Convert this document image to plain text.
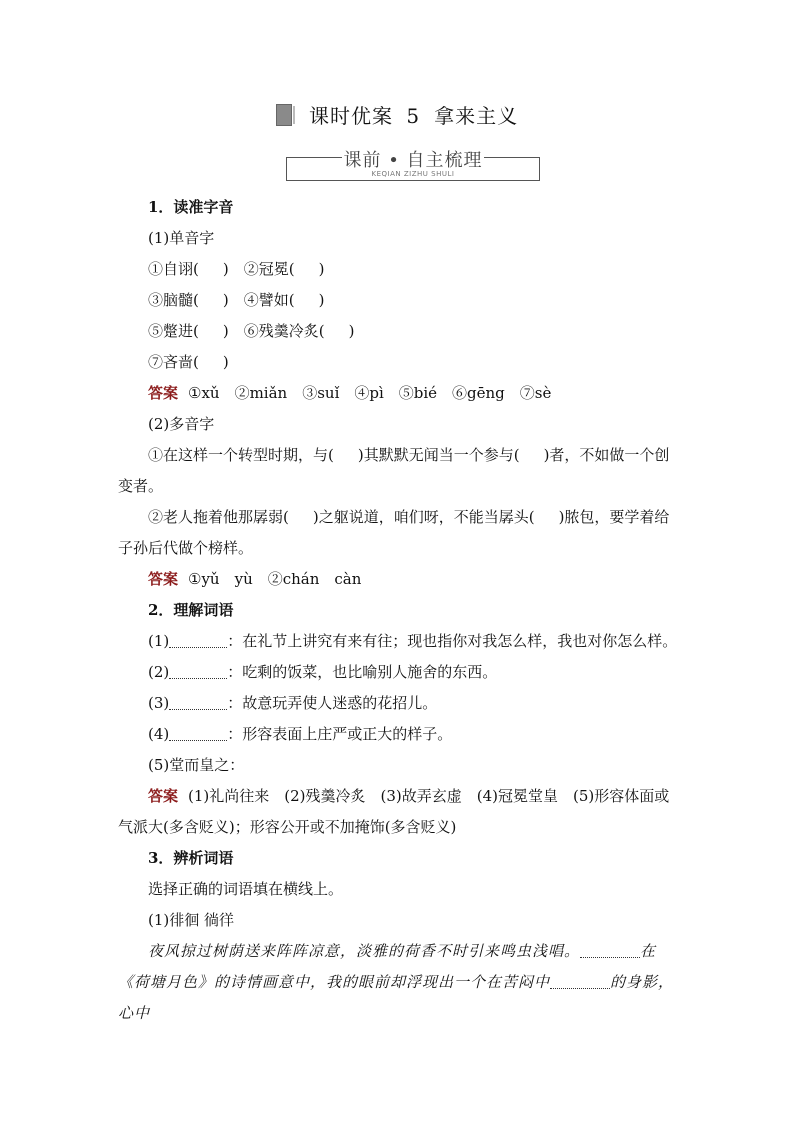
课时优案 5 拿来主义
课前 • 自主梳理
KEQIAN ZIZHU SHULI

1．读准字音

(1)单音字

①自诩( )　 ②冠冕( )

③脑髓( )　 ④譬如( )

⑤蹩进( )　 ⑥残羹冷炙( )

⑦吝啬( )

答案 ①xǔ　②miǎn　③suǐ　④pì　⑤bié　⑥gēng　⑦sè

(2)多音字

①在这样一个转型时期，与( )其默默无闻当一个参与( )者，不如做一个创变者。

②老人拖着他那孱弱( )之躯说道，咱们呀，不能当孱头( )脓包，要学着给子孙后代做个榜样。

答案 ①yǔ　yù　②chán　càn

2．理解词语

(1)	：在礼节上讲究有来有往；现也指你对我怎么样，我也对你怎么样。

(2)	：吃剩的饭菜，也比喻别人施舍的东西。

(3)	：故意玩弄使人迷惑的花招儿。

(4)	：形容表面上庄严或正大的样子。

(5)堂而皇之：

答案 (1)礼尚往来　(2)残羹冷炙　(3)故弄玄虚　(4)冠冕堂皇　(5)形容体面或气派大(多含贬义)；形容公开或不加掩饰(多含贬义)

3．辨析词语

选择正确的词语填在横线上。

(1)徘徊 徜徉

夜风掠过树荫送来阵阵凉意，淡雅的荷香不时引来鸣虫浅唱。	在《荷塘月色》的诗情画意中，我的眼前却浮现出一个在苦闷中	的身影，心中
